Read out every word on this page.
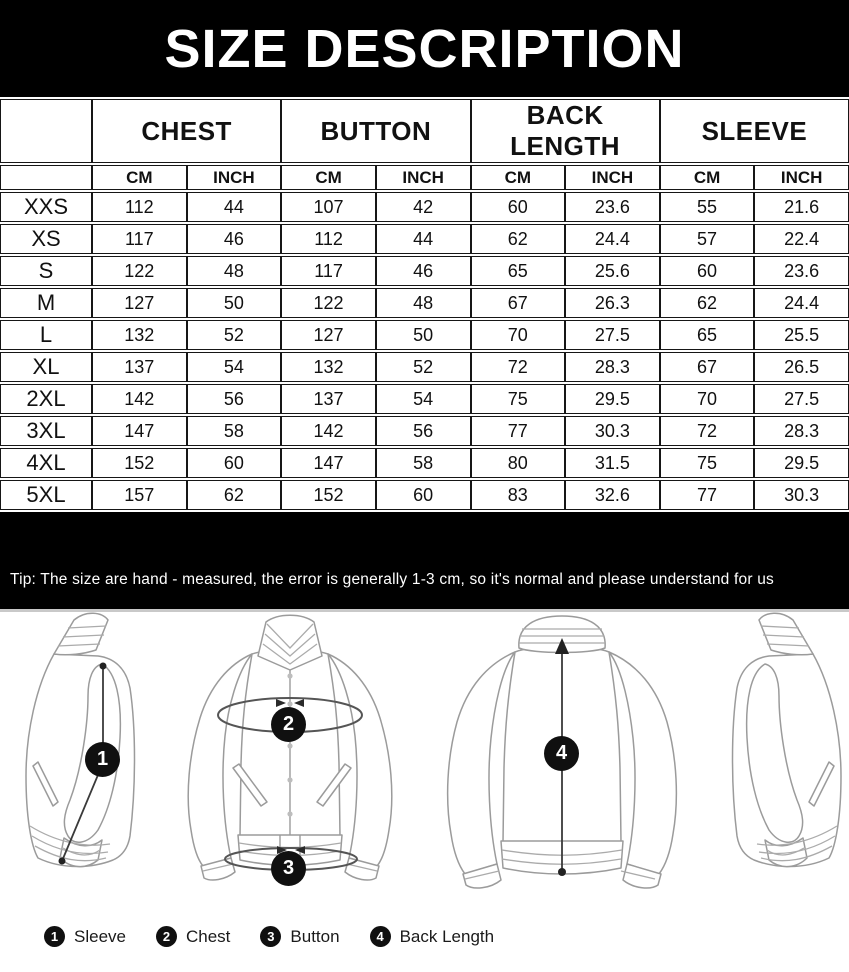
SIZE DESCRIPTION
	CHEST		BUTTON		BACK LENGTH		SLEEVE	
	CM	INCH	CM	INCH	CM	INCH	CM	INCH
XXS	112	44	107	42	60	23.6	55	21.6
XS	117	46	112	44	62	24.4	57	22.4
S	122	48	117	46	65	25.6	60	23.6
M	127	50	122	48	67	26.3	62	24.4
L	132	52	127	50	70	27.5	65	25.5
XL	137	54	132	52	72	28.3	67	26.5
2XL	142	56	137	54	75	29.5	70	27.5
3XL	147	58	142	56	77	30.3	72	28.3
4XL	152	60	147	58	80	31.5	75	29.5
5XL	157	62	152	60	83	32.6	77	30.3
Tip: The size are hand - measured, the error is generally 1-3 cm, so it's normal and please understand for us
1
2
3
4
1 Sleeve	2 Chest	3 Button	4 Back Length
